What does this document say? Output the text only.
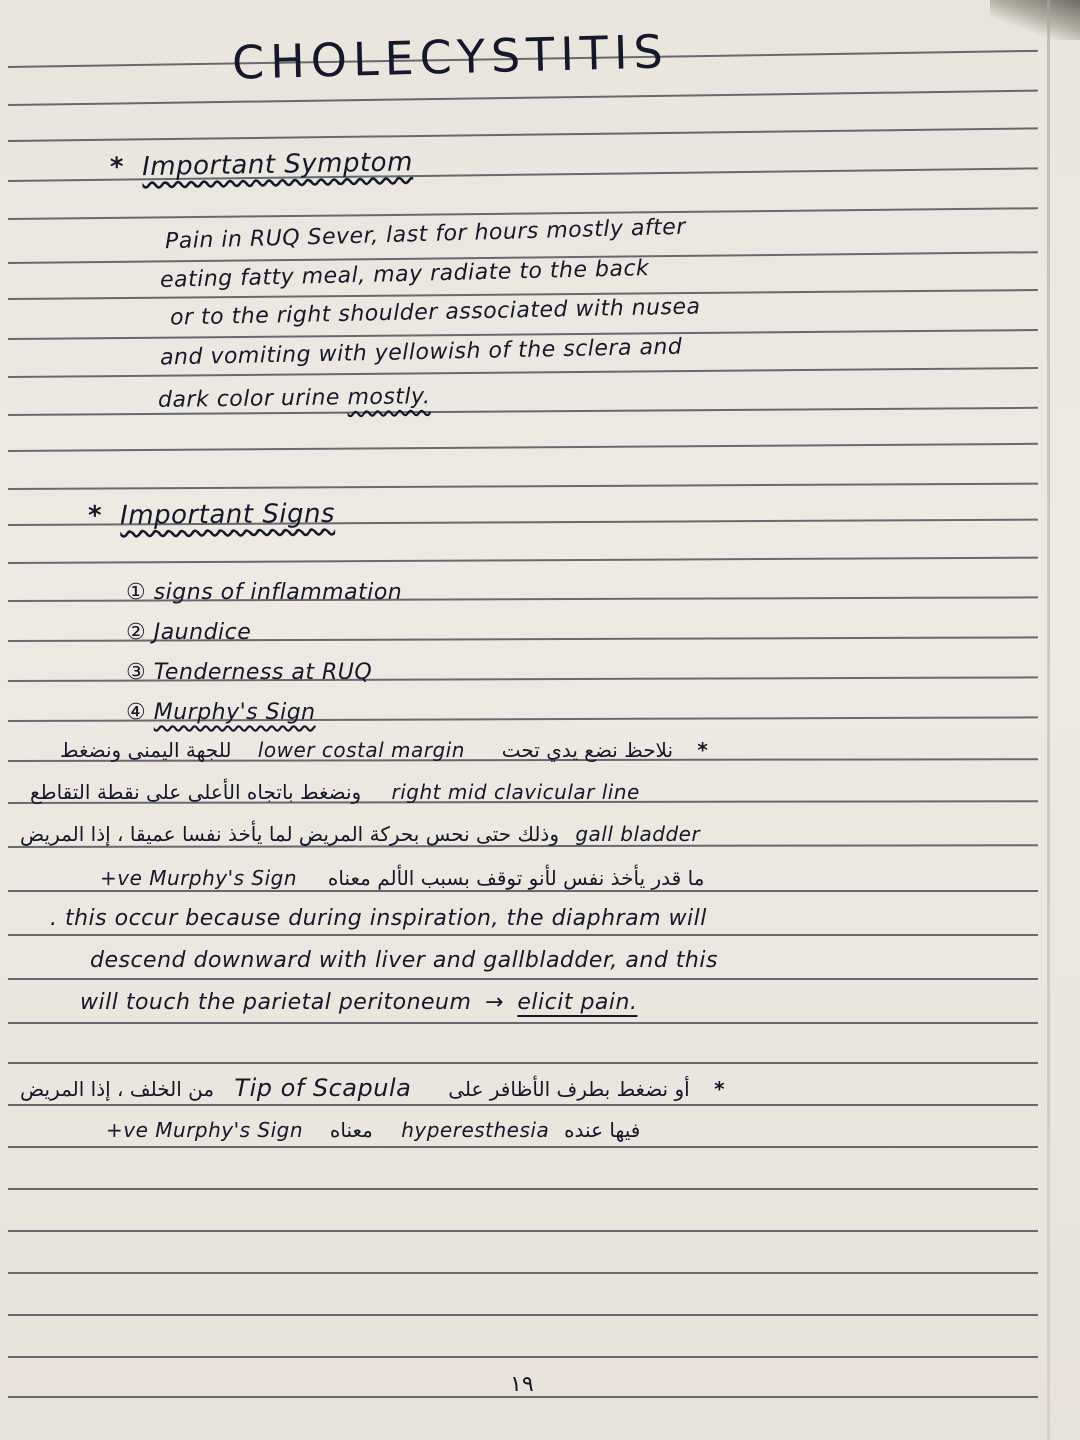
CHOLECYSTITIS
* Important Symptom
Pain in RUQ Sever, last for hours mostly after
eating fatty meal, may radiate to the back
or to the right shoulder associated with nusea
and vomiting with yellowish of the sclera and
dark color urine mostly.
* Important Signs
① signs of inflammation
② Jaundice
③ Tenderness at RUQ
④ Murphy's Sign
للجهة اليمنى ونضغط lower costal margin نلاحظ نضع يدي تحت *
ونضغط باتجاه الأعلى على نقطة التقاطع right mid clavicular line
وذلك حتى نحس بحركة المريض لما يأخذ نفسا عميقا ، إذا المريض gall bladder
+ve Murphy's Sign ما قدر يأخذ نفس لأنو توقف بسبب الألم معناه
. this occur because during inspiration, the diaphram will
descend downward with liver and gallbladder, and this
will touch the parietal peritoneum → elicit pain.
من الخلف ، إذا المريض Tip of Scapula أو نضغط بطرف الأظافر على *
+ve Murphy's Sign معناه hyperesthesia فيها عنده
١٩
